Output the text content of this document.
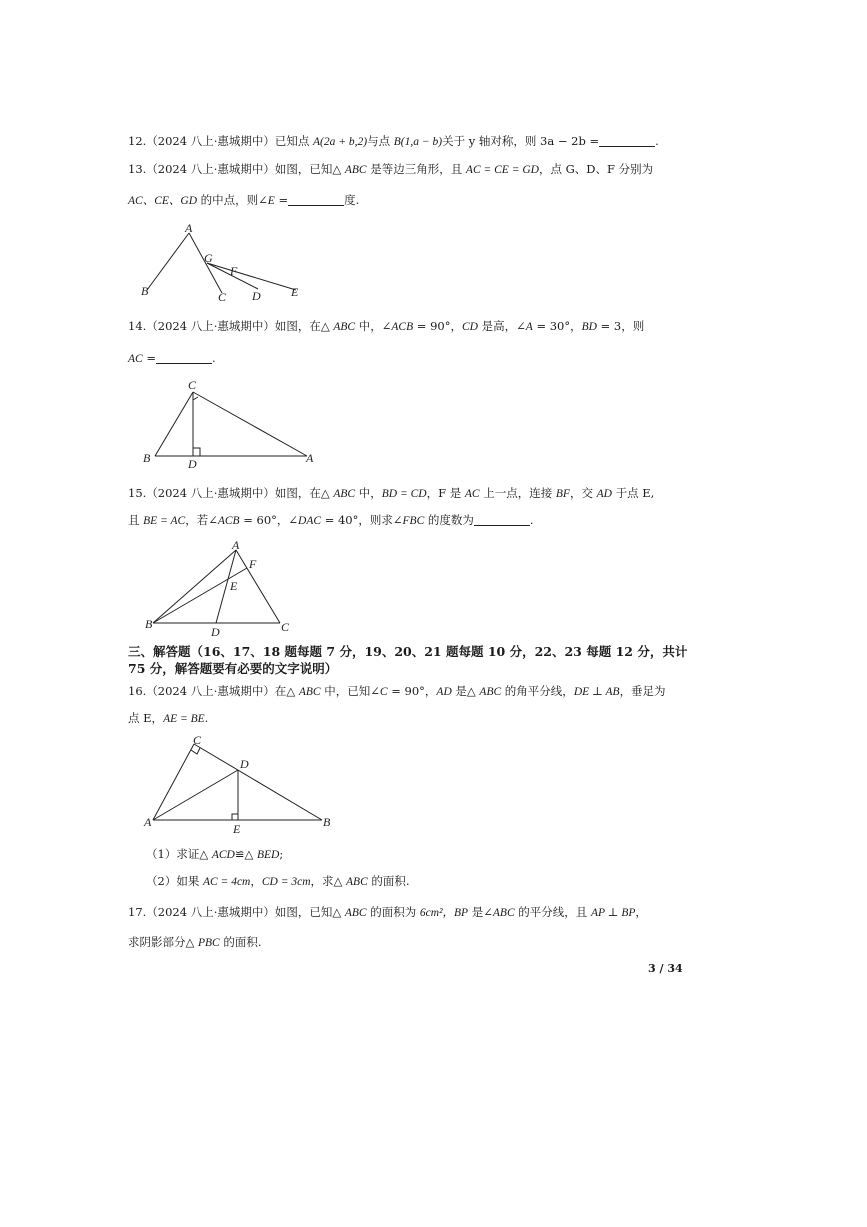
12.（2024 八上·惠城期中）已知点 A(2a + b,2)与点 B(1,a − b)关于 y 轴对称，则 3a − 2b =	.
13.（2024 八上·惠城期中）如图，已知△ ABC 是等边三角形，且 AC = CE = GD，点 G、D、F 分别为
AC、CE、GD 的中点，则∠E =	度.
A
B	C
G
F
D	E
14.（2024 八上·惠城期中）如图，在△ ABC 中，∠ACB = 90°，CD 是高，∠A = 30°，BD = 3，则
AC =	.
C
B	D	A
15.（2024 八上·惠城期中）如图，在△ ABC 中，BD = CD，F 是 AC 上一点，连接 BF，交 AD 于点 E,
且 BE = AC，若∠ACB = 60°，∠DAC = 40°，则求∠FBC 的度数为	.
A
F
E
B
D	C
三、解答题（16、17、18 题每题 7 分，19、20、21 题每题 10 分，22、23 每题 12 分，共计 75 分，解答题要有必要的文字说明）
16.（2024 八上·惠城期中）在△ ABC 中，已知∠C = 90°，AD 是△ ABC 的角平分线，DE ⊥ AB，垂足为
点 E，AE = BE.
C
D
A	E	B
（1）求证△ ACD≌△ BED;
（2）如果 AC = 4cm，CD = 3cm，求△ ABC 的面积.
17.（2024 八上·惠城期中）如图，已知△ ABC 的面积为 6cm²，BP 是∠ABC 的平分线，且 AP ⊥ BP，
求阴影部分△ PBC 的面积.
3 / 34
